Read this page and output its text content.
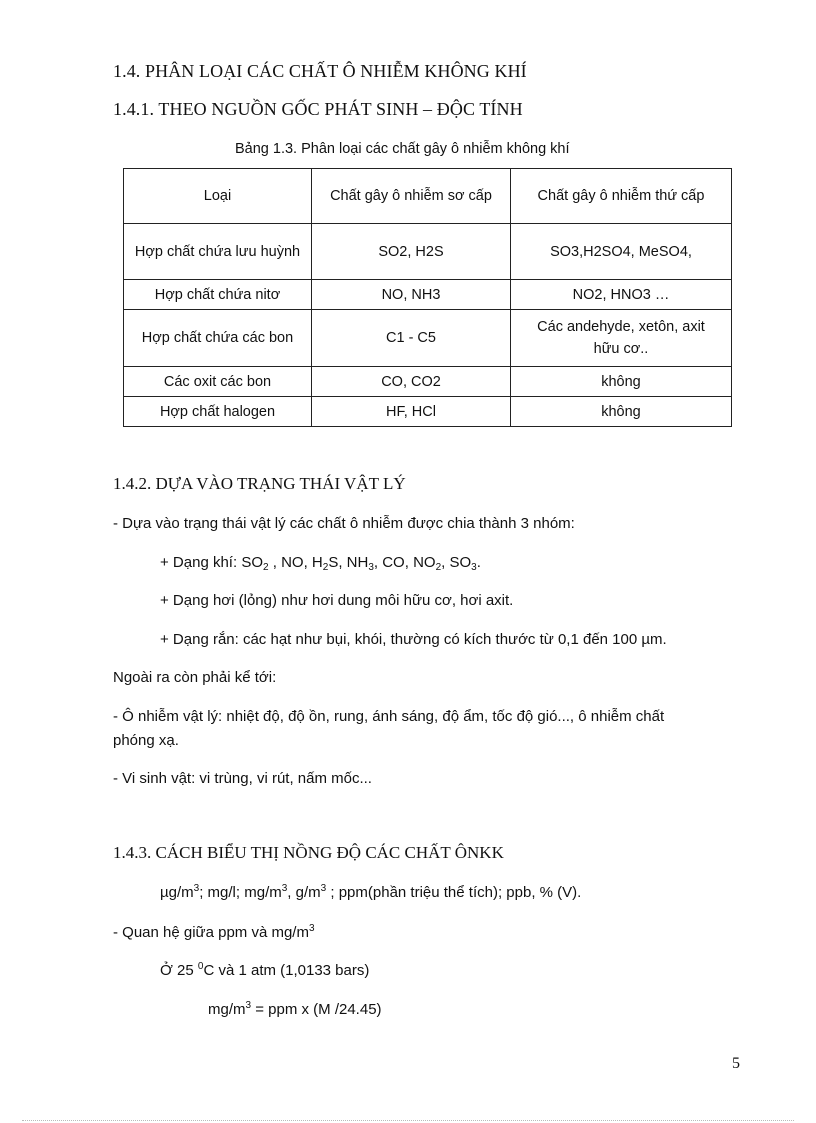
1.4. PHÂN LOẠI CÁC CHẤT Ô NHIỄM KHÔNG KHÍ
1.4.1. THEO NGUỒN GỐC PHÁT SINH – ĐỘC TÍNH
Bảng 1.3. Phân loại các chất gây ô nhiễm không khí
Loại	Chất gây ô nhiễm sơ cấp	Chất gây ô nhiễm thứ cấp
Hợp chất chứa lưu huỳnh	SO2, H2S	SO3,H2SO4, MeSO4,
Hợp chất chứa nitơ	NO, NH3	NO2, HNO3 …
Hợp chất chứa các bon	C1 - C5	Các andehyde, xetôn, axit hữu cơ..
Các oxit các bon	CO, CO2	không
Hợp chất halogen	HF, HCl	không
1.4.2. DỰA VÀO TRẠNG THÁI VẬT LÝ
- Dựa vào trạng thái vật lý các chất ô nhiễm được chia thành 3 nhóm:
+ Dạng khí: $SO_2$ , NO, $H_2S$, $NH_3$, CO, $NO_2$, $SO_3$.
+ Dạng hơi (lỏng) như hơi dung môi hữu cơ, hơi axit.
+ Dạng rắn: các hạt như bụi, khói, thường có kích thước từ 0,1 đến 100 µm.
Ngoài ra còn phải kể tới:
- Ô nhiễm vật lý: nhiệt độ, độ ồn, rung, ánh sáng, độ ẩm, tốc độ gió..., ô nhiễm chất
phóng xạ.
- Vi sinh vật: vi trùng, vi rút, nấm mốc...
1.4.3. CÁCH BIỂU THỊ NỒNG ĐỘ CÁC CHẤT ÔNKK
$\mu g/m^3$; mg/l; $mg/m^3$, $g/m^3$ ; ppm(phần triệu thể tích); ppb, % (V).
- Quan hệ giữa ppm và $mg/m^3$
Ở 25 $^0$C và 1 atm (1,0133 bars)
$mg/m^3$ = ppm x (M /24.45)
5
